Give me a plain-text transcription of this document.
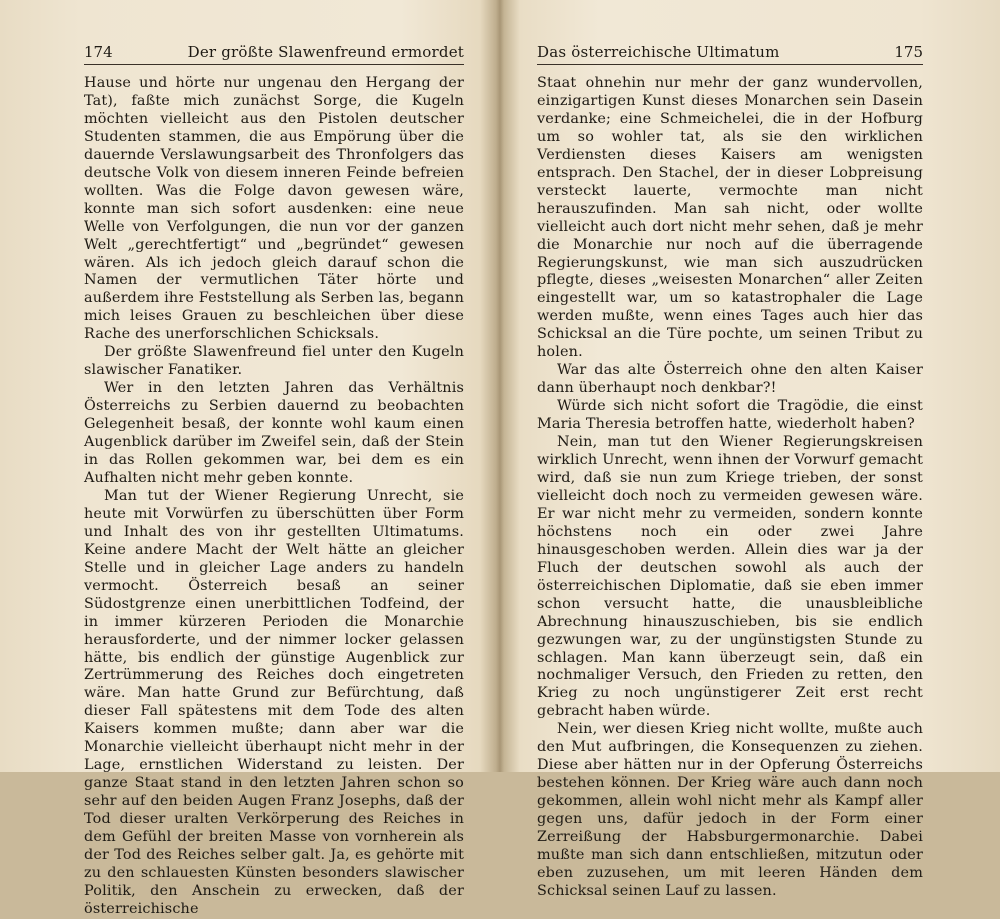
174	Der größte Slawenfreund ermordet

Hause und hörte nur ungenau den Hergang der Tat), faßte mich zunächst Sorge, die Kugeln möchten vielleicht aus den Pistolen deutscher Studenten stammen, die aus Empörung über die dauernde Verslawungsarbeit des Thronfolgers das deutsche Volk von diesem inneren Feinde befreien wollten. Was die Folge davon gewesen wäre, konnte man sich sofort ausdenken: eine neue Welle von Verfolgungen, die nun vor der ganzen Welt „gerechtfertigt“ und „begründet“ gewesen wären. Als ich jedoch gleich darauf schon die Namen der vermutlichen Täter hörte und außerdem ihre Feststellung als Serben las, begann mich leises Grauen zu beschleichen über diese Rache des unerforschlichen Schicksals.

Der größte Slawenfreund fiel unter den Kugeln slawischer Fanatiker.

Wer in den letzten Jahren das Verhältnis Österreichs zu Serbien dauernd zu beobachten Gelegenheit besaß, der konnte wohl kaum einen Augenblick darüber im Zweifel sein, daß der Stein in das Rollen gekommen war, bei dem es ein Aufhalten nicht mehr geben konnte.

Man tut der Wiener Regierung Unrecht, sie heute mit Vorwürfen zu überschütten über Form und Inhalt des von ihr gestellten Ultimatums. Keine andere Macht der Welt hätte an gleicher Stelle und in gleicher Lage anders zu handeln vermocht. Österreich besaß an seiner Südostgrenze einen unerbittlichen Todfeind, der in immer kürzeren Perioden die Monarchie herausforderte, und der nimmer locker gelassen hätte, bis endlich der günstige Augenblick zur Zertrümmerung des Reiches doch eingetreten wäre. Man hatte Grund zur Befürchtung, daß dieser Fall spätestens mit dem Tode des alten Kaisers kommen mußte; dann aber war die Monarchie vielleicht überhaupt nicht mehr in der Lage, ernstlichen Widerstand zu leisten. Der ganze Staat stand in den letzten Jahren schon so sehr auf den beiden Augen Franz Josephs, daß der Tod dieser uralten Verkörperung des Reiches in dem Gefühl der breiten Masse von vornherein als der Tod des Reiches selber galt. Ja, es gehörte mit zu den schlauesten Künsten besonders slawischer Politik, den Anschein zu erwecken, daß der österreichische

Das österreichische Ultimatum	175

Staat ohnehin nur mehr der ganz wundervollen, einzigartigen Kunst dieses Monarchen sein Dasein verdanke; eine Schmeichelei, die in der Hofburg um so wohler tat, als sie den wirklichen Verdiensten dieses Kaisers am wenigsten entsprach. Den Stachel, der in dieser Lobpreisung versteckt lauerte, vermochte man nicht herauszufinden. Man sah nicht, oder wollte vielleicht auch dort nicht mehr sehen, daß je mehr die Monarchie nur noch auf die überragende Regierungskunst, wie man sich auszudrücken pflegte, dieses „weisesten Monarchen“ aller Zeiten eingestellt war, um so katastrophaler die Lage werden mußte, wenn eines Tages auch hier das Schicksal an die Türe pochte, um seinen Tribut zu holen.

War das alte Österreich ohne den alten Kaiser dann überhaupt noch denkbar?!

Würde sich nicht sofort die Tragödie, die einst Maria Theresia betroffen hatte, wiederholt haben?

Nein, man tut den Wiener Regierungskreisen wirklich Unrecht, wenn ihnen der Vorwurf gemacht wird, daß sie nun zum Kriege trieben, der sonst vielleicht doch noch zu vermeiden gewesen wäre. Er war nicht mehr zu vermeiden, sondern konnte höchstens noch ein oder zwei Jahre hinausgeschoben werden. Allein dies war ja der Fluch der deutschen sowohl als auch der österreichischen Diplomatie, daß sie eben immer schon versucht hatte, die unausbleibliche Abrechnung hinauszuschieben, bis sie endlich gezwungen war, zu der ungünstigsten Stunde zu schlagen. Man kann überzeugt sein, daß ein nochmaliger Versuch, den Frieden zu retten, den Krieg zu noch ungünstigerer Zeit erst recht gebracht haben würde.

Nein, wer diesen Krieg nicht wollte, mußte auch den Mut aufbringen, die Konsequenzen zu ziehen. Diese aber hätten nur in der Opferung Österreichs bestehen können. Der Krieg wäre auch dann noch gekommen, allein wohl nicht mehr als Kampf aller gegen uns, dafür jedoch in der Form einer Zerreißung der Habsburgermonarchie. Dabei mußte man sich dann entschließen, mitzutun oder eben zuzusehen, um mit leeren Händen dem Schicksal seinen Lauf zu lassen.
